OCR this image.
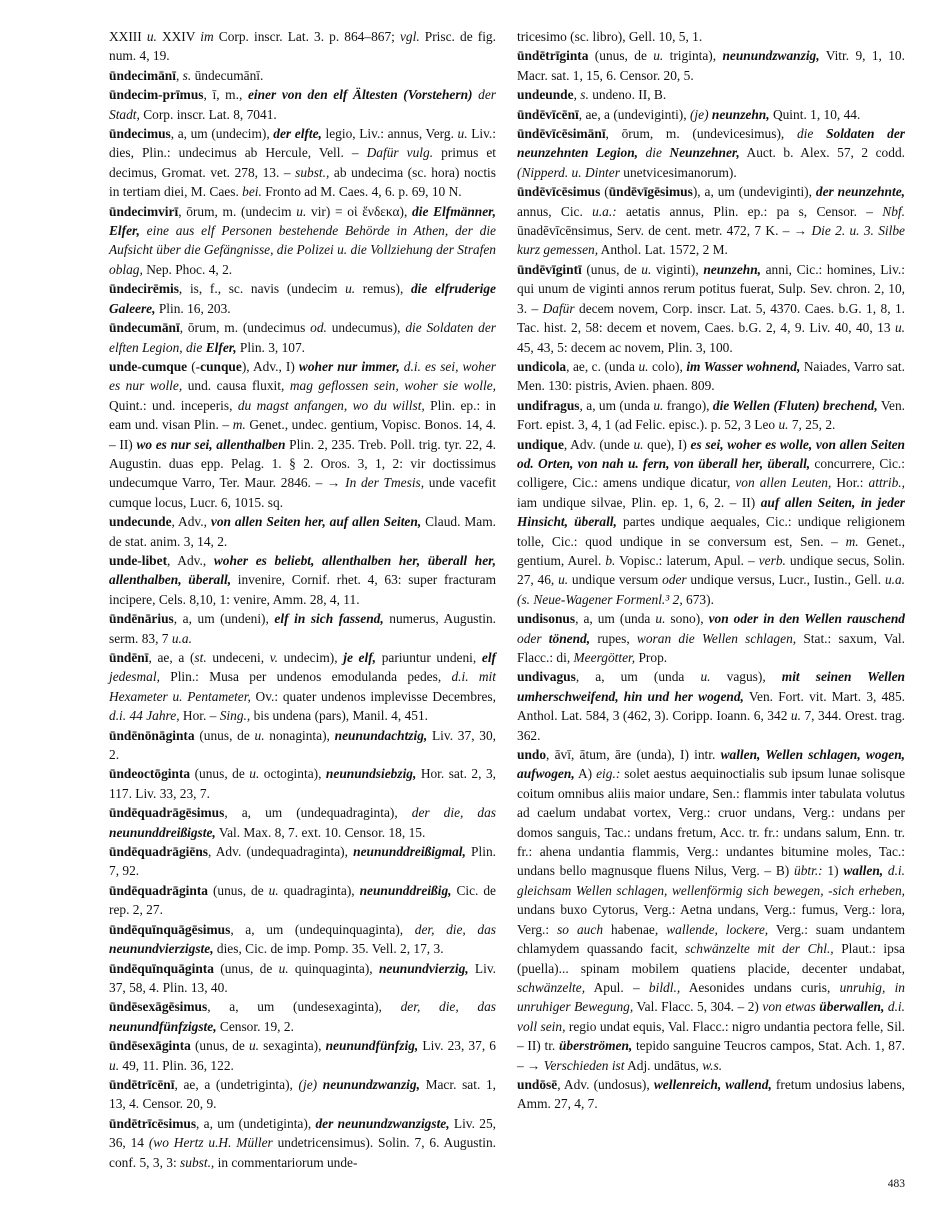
XXIII u. XXIV im Corp. inscr. Lat. 3. p. 864–867; vgl. Prisc. de fig. num. 4, 19.

ūndecimānī, s. ūndecumānī.

ūndecim-prīmus, ī, m., einer von den elf Ältesten (Vorstehern) der Stadt, Corp. inscr. Lat. 8, 7041.

ūndecimus, a, um (undecim), der elfte, legio, Liv.: annus, Verg. u. Liv.: dies, Plin.: undecimus ab Hercule, Vell. – Dafür vulg. primus et decimus, Gromat. vet. 278, 13. – subst., ab undecima (sc. hora) noctis in tertiam diei, M. Caes. bei. Fronto ad M. Caes. 4, 6. p. 69, 10 N.

ūndecimvirī, ōrum, m. (undecim u. vir) = οἱ ἕνδεκα), die Elfmänner, Elfer, eine aus elf Personen bestehende Behörde in Athen, der die Aufsicht über die Gefängnisse, die Polizei u. die Vollziehung der Strafen oblag, Nep. Phoc. 4, 2.

ūndecirēmis, is, f., sc. navis (undecim u. remus), die elfruderige Galeere, Plin. 16, 203.

ūndecumānī, ōrum, m. (undecimus od. undecumus), die Soldaten der elften Legion, die Elfer, Plin. 3, 107.

unde-cumque (-cunque), Adv., I) woher nur immer, d.i. es sei, woher es nur wolle, und. causa fluxit, mag geflossen sein, woher sie wolle, Quint.: und. inceperis, du magst anfangen, wo du willst, Plin. ep.: in eam und. visan Plin. – m. Genet., undec. gentium, Vopisc. Bonos. 14, 4. – II) wo es nur sei, allenthalben Plin. 2, 235. Treb. Poll. trig. tyr. 22, 4. Augustin. duas epp. Pelag. 1. § 2. Oros. 3, 1, 2: vir doctissimus undecumque Varro, Ter. Maur. 2846. – → In der Tmesis, unde vacefit cumque locus, Lucr. 6, 1015. sq.

undecunde, Adv., von allen Seiten her, auf allen Seiten, Claud. Mam. de stat. anim. 3, 14, 2.

unde-libet, Adv., woher es beliebt, allenthalben her, überall her, allenthalben, überall, invenire, Cornif. rhet. 4, 63: super fracturam incipere, Cels. 8,10, 1: venire, Amm. 28, 4, 11.

ūndēnārius, a, um (undeni), elf in sich fassend, numerus, Augustin. serm. 83, 7 u.a.

ūndēnī, ae, a (st. undeceni, v. undecim), je elf, pariuntur undeni, elf jedesmal, Plin.: Musa per undenos emodulanda pedes, d.i. mit Hexameter u. Pentameter, Ov.: quater undenos implevisse Decembres, d.i. 44 Jahre, Hor. – Sing., bis undena (pars), Manil. 4, 451.

ūndēnōnāginta (unus, de u. nonaginta), neunundachtzig, Liv. 37, 30, 2.

ūndeoctōginta (unus, de u. octoginta), neunundsiebzig, Hor. sat. 2, 3, 117. Liv. 33, 23, 7.

ūndēquadrāgēsimus, a, um (undequadraginta), der die, das neununddreißigste, Val. Max. 8, 7. ext. 10. Censor. 18, 15.

ūndēquadrāgiēns, Adv. (undequadraginta), neununddreißigmal, Plin. 7, 92.

ūndēquadrāginta (unus, de u. quadraginta), neununddreißig, Cic. de rep. 2, 27.

ūndēquīnquāgēsimus, a, um (undequinquaginta), der, die, das neunundvierzigste, dies, Cic. de imp. Pomp. 35. Vell. 2, 17, 3.

ūndēquīnquāginta (unus, de u. quinquaginta), neunundvierzig, Liv. 37, 58, 4. Plin. 13, 40.

ūndēsexāgēsimus, a, um (undesexaginta), der, die, das neunundfünfzigste, Censor. 19, 2.

ūndēsexāginta (unus, de u. sexaginta), neunundfünfzig, Liv. 23, 37, 6 u. 49, 11. Plin. 36, 122.

ūndētrīcēnī, ae, a (undetriginta), (je) neunundzwanzig, Macr. sat. 1, 13, 4. Censor. 20, 9.

ūndētrīcēsimus, a, um (undetiginta), der neunundzwanzigste, Liv. 25, 36, 14 (wo Hertz u.H. Müller undetricensimus). Solin. 7, 6. Augustin. conf. 5, 3, 3: subst., in commentariorum unde-

tricesimo (sc. libro), Gell. 10, 5, 1.

ūndētrīginta (unus, de u. triginta), neunundzwanzig, Vitr. 9, 1, 10. Macr. sat. 1, 15, 6. Censor. 20, 5.

undeunde, s. undeno. II, B.

ūndēvīcēnī, ae, a (undeviginti), (je) neunzehn, Quint. 1, 10, 44.

ūndēvīcēsimānī, ōrum, m. (undevicesimus), die Soldaten der neunzehnten Legion, die Neunzehner, Auct. b. Alex. 57, 2 codd. (Nipperd. u. Dinter unetvicesimanorum).

ūndēvīcēsimus (ūndēvīgēsimus), a, um (undeviginti), der neunzehnte, annus, Cic. u.a.: aetatis annus, Plin. ep.: pa s, Censor. – Nbf. ūnadēvīcēnsimus, Serv. de cent. metr. 472, 7 K. – → Die 2. u. 3. Silbe kurz gemessen, Anthol. Lat. 1572, 2 M.

ūndēvīgintī (unus, de u. viginti), neunzehn, anni, Cic.: homines, Liv.: qui unum de viginti annos rerum potitus fuerat, Sulp. Sev. chron. 2, 10, 3. – Dafür decem novem, Corp. inscr. Lat. 5, 4370. Caes. b.G. 1, 8, 1. Tac. hist. 2, 58: decem et novem, Caes. b.G. 2, 4, 9. Liv. 40, 40, 13 u. 45, 43, 5: decem ac novem, Plin. 3, 100.

undicola, ae, c. (unda u. colo), im Wasser wohnend, Naiades, Varro sat. Men. 130: pistris, Avien. phaen. 809.

undifragus, a, um (unda u. frango), die Wellen (Fluten) brechend, Ven. Fort. epist. 3, 4, 1 (ad Felic. episc.). p. 52, 3 Leo u. 7, 25, 2.

undique, Adv. (unde u. que), I) es sei, woher es wolle, von allen Seiten od. Orten, von nah u. fern, von überall her, überall, concurrere, Cic.: colligere, Cic.: amens undique dicatur, von allen Leuten, Hor.: attrib., iam undique silvae, Plin. ep. 1, 6, 2. – II) auf allen Seiten, in jeder Hinsicht, überall, partes undique aequales, Cic.: undique religionem tolle, Cic.: quod undique in se conversum est, Sen. – m. Genet., gentium, Aurel. b. Vopisc.: laterum, Apul. – verb. undique secus, Solin. 27, 46, u. undique versum oder undique versus, Lucr., Iustin., Gell. u.a. (s. Neue-Wagener Formenl.³ 2, 673).

undisonus, a, um (unda u. sono), von oder in den Wellen rauschend oder tönend, rupes, woran die Wellen schlagen, Stat.: saxum, Val. Flacc.: di, Meergötter, Prop.

undivagus, a, um (unda u. vagus), mit seinen Wellen umherschweifend, hin und her wogend, Ven. Fort. vit. Mart. 3, 485. Anthol. Lat. 584, 3 (462, 3). Coripp. Ioann. 6, 342 u. 7, 344. Orest. trag. 362.

undo, āvī, ātum, āre (unda), I) intr. wallen, Wellen schlagen, wogen, aufwogen, A) eig.: solet aestus aequinoctialis sub ipsum lunae solisque coitum omnibus aliis maior undare, Sen.: flammis inter tabulata volutus ad caelum undabat vortex, Verg.: cruor undans, Verg.: undans per domos sanguis, Tac.: undans fretum, Acc. tr. fr.: undans salum, Enn. tr. fr.: ahena undantia flammis, Verg.: undantes bitumine moles, Tac.: undans bello magnusque fluens Nilus, Verg. – B) übtr.: 1) wallen, d.i. gleichsam Wellen schlagen, wellenförmig sich bewegen, -sich erheben, undans buxo Cytorus, Verg.: Aetna undans, Verg.: fumus, Verg.: lora, Verg.: so auch habenae, wallende, lockere, Verg.: suam undantem chlamydem quassando facit, schwänzelte mit der Chl., Plaut.: ipsa (puella)... spinam mobilem quatiens placide, decenter undabat, schwänzelte, Apul. – bildl., Aesonides undans curis, unruhig, in unruhiger Bewegung, Val. Flacc. 5, 304. – 2) von etwas überwallen, d.i. voll sein, regio undat equis, Val. Flacc.: nigro undantia pectora felle, Sil. – II) tr. überströmen, tepido sanguine Teucros campos, Stat. Ach. 1, 87. – → Verschieden ist Adj. undātus, w.s.

undōsē, Adv. (undosus), wellenreich, wallend, fretum undosius labens, Amm. 27, 4, 7.

483
